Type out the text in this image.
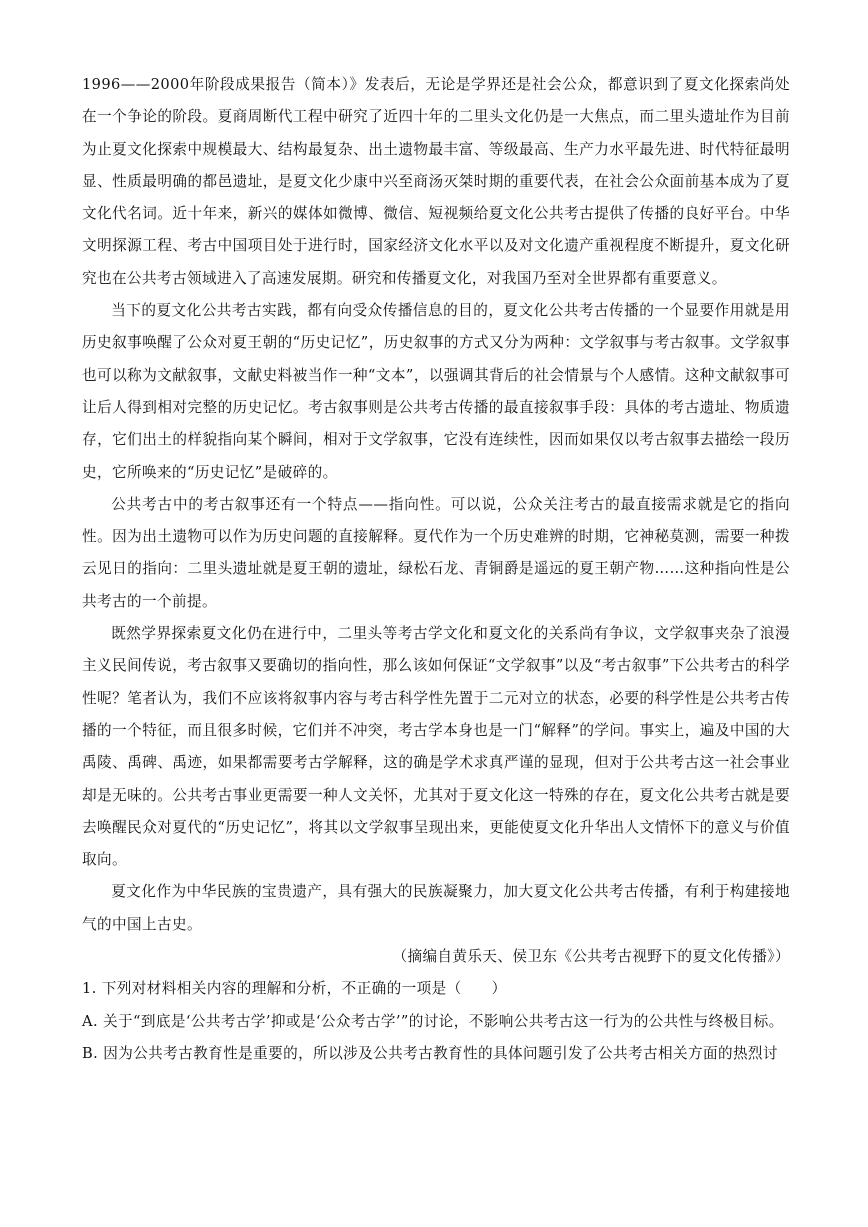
1996——2000年阶段成果报告（简本）》发表后，无论是学界还是社会公众，都意识到了夏文化探索尚处在一个争论的阶段。夏商周断代工程中研究了近四十年的二里头文化仍是一大焦点，而二里头遗址作为目前为止夏文化探索中规模最大、结构最复杂、出土遗物最丰富、等级最高、生产力水平最先进、时代特征最明显、性质最明确的都邑遗址，是夏文化少康中兴至商汤灭桀时期的重要代表，在社会公众面前基本成为了夏文化代名词。近十年来，新兴的媒体如微博、微信、短视频给夏文化公共考古提供了传播的良好平台。中华文明探源工程、考古中国项目处于进行时，国家经济文化水平以及对文化遗产重视程度不断提升，夏文化研究也在公共考古领域进入了高速发展期。研究和传播夏文化，对我国乃至对全世界都有重要意义。

当下的夏文化公共考古实践，都有向受众传播信息的目的，夏文化公共考古传播的一个显要作用就是用历史叙事唤醒了公众对夏王朝的“历史记忆”，历史叙事的方式又分为两种：文学叙事与考古叙事。文学叙事也可以称为文献叙事，文献史料被当作一种“文本”，以强调其背后的社会情景与个人感情。这种文献叙事可让后人得到相对完整的历史记忆。考古叙事则是公共考古传播的最直接叙事手段：具体的考古遗址、物质遗存，它们出土的样貌指向某个瞬间，相对于文学叙事，它没有连续性，因而如果仅以考古叙事去描绘一段历史，它所唤来的“历史记忆”是破碎的。

公共考古中的考古叙事还有一个特点——指向性。可以说，公众关注考古的最直接需求就是它的指向性。因为出土遗物可以作为历史问题的直接解释。夏代作为一个历史难辨的时期，它神秘莫测，需要一种拨云见日的指向：二里头遗址就是夏王朝的遗址，绿松石龙、青铜爵是遥远的夏王朝产物……这种指向性是公共考古的一个前提。

既然学界探索夏文化仍在进行中，二里头等考古学文化和夏文化的关系尚有争议，文学叙事夹杂了浪漫主义民间传说，考古叙事又要确切的指向性，那么该如何保证“文学叙事”以及“考古叙事”下公共考古的科学性呢？笔者认为，我们不应该将叙事内容与考古科学性先置于二元对立的状态，必要的科学性是公共考古传播的一个特征，而且很多时候，它们并不冲突，考古学本身也是一门“解释”的学问。事实上，遍及中国的大禹陵、禹碑、禹迹，如果都需要考古学解释，这的确是学术求真严谨的显现，但对于公共考古这一社会事业却是无味的。公共考古事业更需要一种人文关怀，尤其对于夏文化这一特殊的存在，夏文化公共考古就是要去唤醒民众对夏代的“历史记忆”，将其以文学叙事呈现出来，更能使夏文化升华出人文情怀下的意义与价值取向。

夏文化作为中华民族的宝贵遗产，具有强大的民族凝聚力，加大夏文化公共考古传播，有利于构建接地气的中国上古史。

（摘编自黄乐天、侯卫东《公共考古视野下的夏文化传播》）

1. 下列对材料相关内容的理解和分析，不正确的一项是（　　）

A. 关于“到底是‘公共考古学’抑或是‘公众考古学’”的讨论，不影响公共考古这一行为的公共性与终极目标。

B. 因为公共考古教育性是重要的，所以涉及公共考古教育性的具体问题引发了公共考古相关方面的热烈讨
